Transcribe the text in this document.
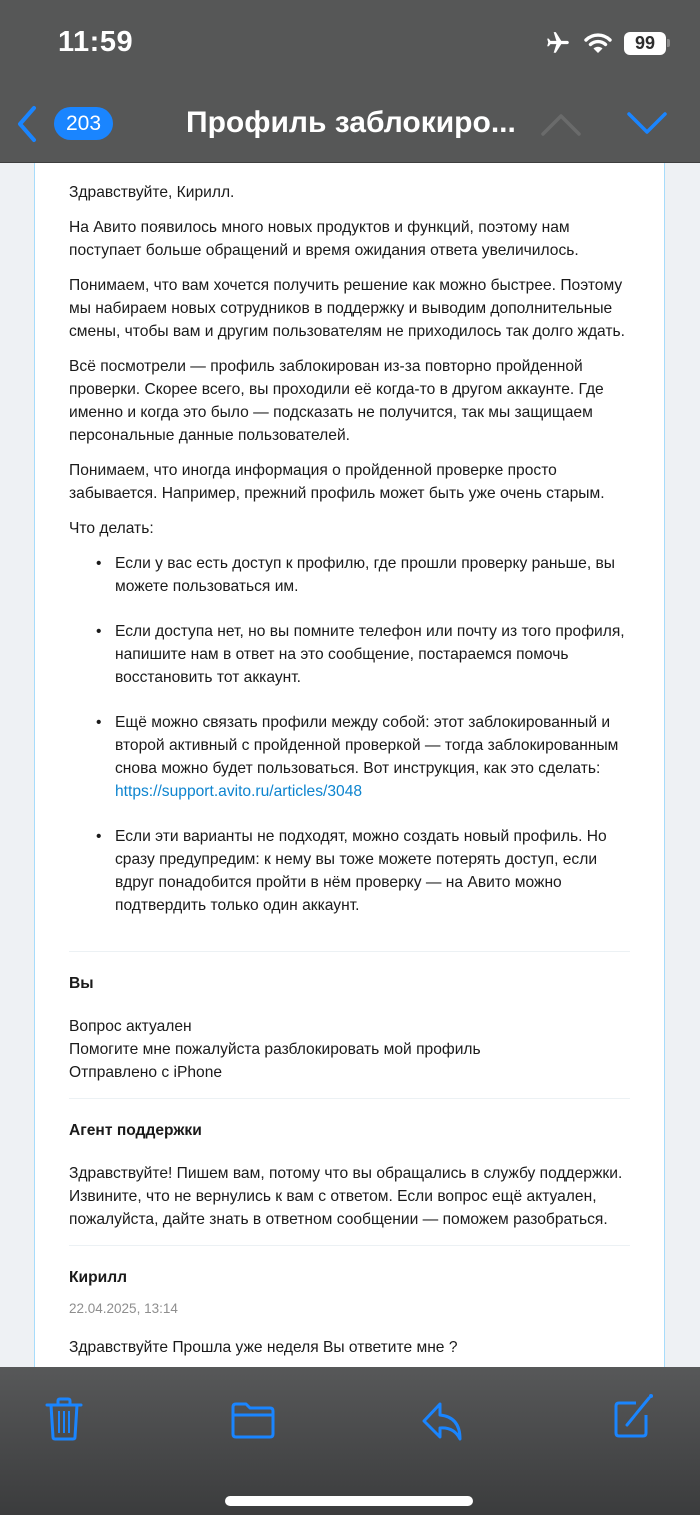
11:59	99
203	Профиль заблокиро...

Здравствуйте, Кирилл.

На Авито появилось много новых продуктов и функций, поэтому нам поступает больше обращений и время ожидания ответа увеличилось.

Понимаем, что вам хочется получить решение как можно быстрее. Поэтому мы набираем новых сотрудников в поддержку и выводим дополнительные смены, чтобы вам и другим пользователям не приходилось так долго ждать.

Всё посмотрели — профиль заблокирован из-за повторно пройденной проверки. Скорее всего, вы проходили её когда-то в другом аккаунте. Где именно и когда это было — подсказать не получится, так мы защищаем персональные данные пользователей.

Понимаем, что иногда информация о пройденной проверке просто забывается. Например, прежний профиль может быть уже очень старым.

Что делать:

• Если у вас есть доступ к профилю, где прошли проверку раньше, вы можете пользоваться им.
• Если доступа нет, но вы помните телефон или почту из того профиля, напишите нам в ответ на это сообщение, постараемся помочь восстановить тот аккаунт.
• Ещё можно связать профили между собой: этот заблокированный и второй активный с пройденной проверкой — тогда заблокированным снова можно будет пользоваться. Вот инструкция, как это сделать:
https://support.avito.ru/articles/3048
• Если эти варианты не подходят, можно создать новый профиль. Но сразу предупредим: к нему вы тоже можете потерять доступ, если вдруг понадобится пройти в нём проверку — на Авито можно подтвердить только один аккаунт.
Вы
Вопрос актуален
Помогите мне пожалуйста разблокировать мой профиль
Отправлено с iPhone
Агент поддержки
Здравствуйте! Пишем вам, потому что вы обращались в службу поддержки. Извините, что не вернулись к вам с ответом. Если вопрос ещё актуален, пожалуйста, дайте знать в ответном сообщении — поможем разобраться.
Кирилл
22.04.2025, 13:14
Здравствуйте Прошла уже неделя Вы ответите мне ?
